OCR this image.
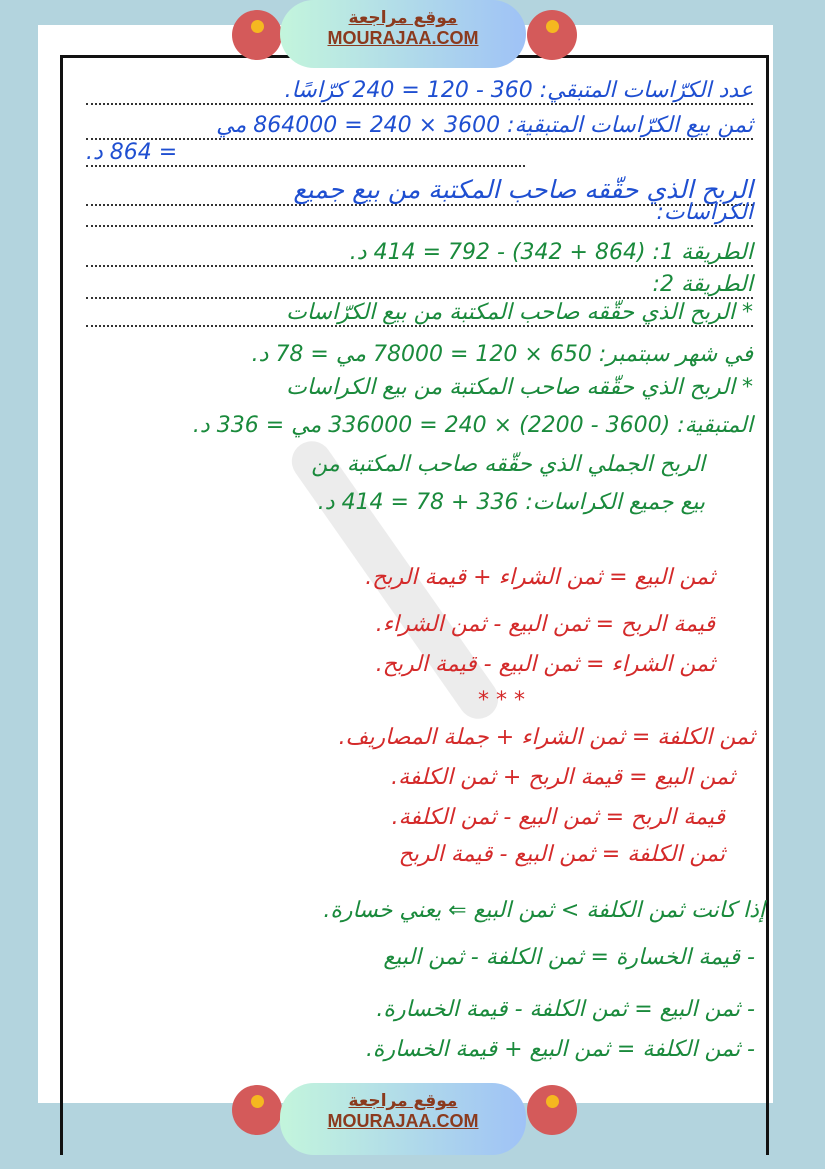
موقع مراجعة
MOURAJAA.COM
عدد الكرّاسات المتبقي: 360 - 120 = 240 كرّاسًا.
ثمن بيع الكرّاسات المتبقية: 3600 × 240 = 864000 مي
= 864 د.
الربح الذي حقّقه صاحب المكتبة من بيع جميع
الكراسات:
الطريقة 1: (864 + 342) - 792 = 414 د.
الطريقة 2:
* الربح الذي حقّقه صاحب المكتبة من بيع الكرّاسات
في شهر سبتمبر: 650 × 120 = 78000 مي = 78 د.
* الربح الذي حقّقه صاحب المكتبة من بيع الكراسات
المتبقية: (3600 - 2200) × 240 = 336000 مي = 336 د.
الربح الجملي الذي حقّقه صاحب المكتبة من
بيع جميع الكراسات: 336 + 78 = 414 د.
ثمن البيع = ثمن الشراء + قيمة الربح.
قيمة الربح = ثمن البيع - ثمن الشراء.
ثمن الشراء = ثمن البيع - قيمة الربح.
* * *
ثمن الكلفة = ثمن الشراء + جملة المصاريف.
ثمن البيع = قيمة الربح + ثمن الكلفة.
قيمة الربح = ثمن البيع - ثمن الكلفة.
ثمن الكلفة = ثمن البيع - قيمة الربح
إذا كانت ثمن الكلفة > ثمن البيع ⇐ يعني خسارة.
- قيمة الخسارة = ثمن الكلفة - ثمن البيع
- ثمن البيع = ثمن الكلفة - قيمة الخسارة.
- ثمن الكلفة = ثمن البيع + قيمة الخسارة.
موقع مراجعة
MOURAJAA.COM
